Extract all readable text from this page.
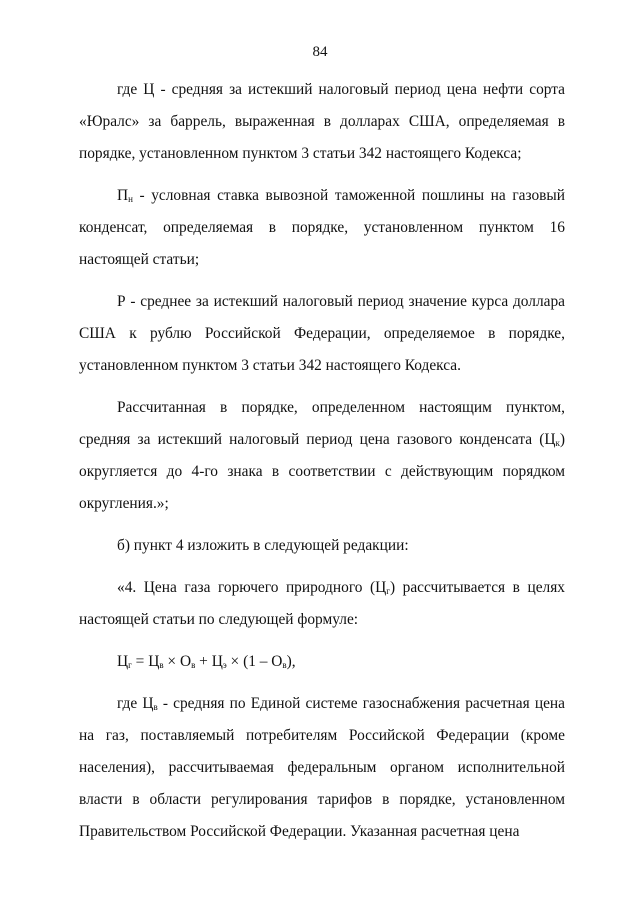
84

где Ц - средняя за истекший налоговый период цена нефти сорта «Юралс» за баррель, выраженная в долларах США, определяемая в порядке, установленном пунктом 3 статьи 342 настоящего Кодекса;

$П_н$ - условная ставка вывозной таможенной пошлины на газовый конденсат, определяемая в порядке, установленном пунктом 16 настоящей статьи;

Р - среднее за истекший налоговый период значение курса доллара США к рублю Российской Федерации, определяемое в порядке, установленном пунктом 3 статьи 342 настоящего Кодекса.

Рассчитанная в порядке, определенном настоящим пунктом, средняя за истекший налоговый период цена газового конденсата $(Ц_к)$ округляется до 4-го знака в соответствии с действующим порядком округления.»;

б) пункт 4 изложить в следующей редакции:

«4. Цена газа горючего природного $(Ц_г)$ рассчитывается в целях настоящей статьи по следующей формуле:

$Ц_г = Ц_в \times О_в + Ц_э \times (1 - О_в)$,

где $Ц_в$ - средняя по Единой системе газоснабжения расчетная цена на газ, поставляемый потребителям Российской Федерации (кроме населения), рассчитываемая федеральным органом исполнительной власти в области регулирования тарифов в порядке, установленном Правительством Российской Федерации. Указанная расчетная цена
